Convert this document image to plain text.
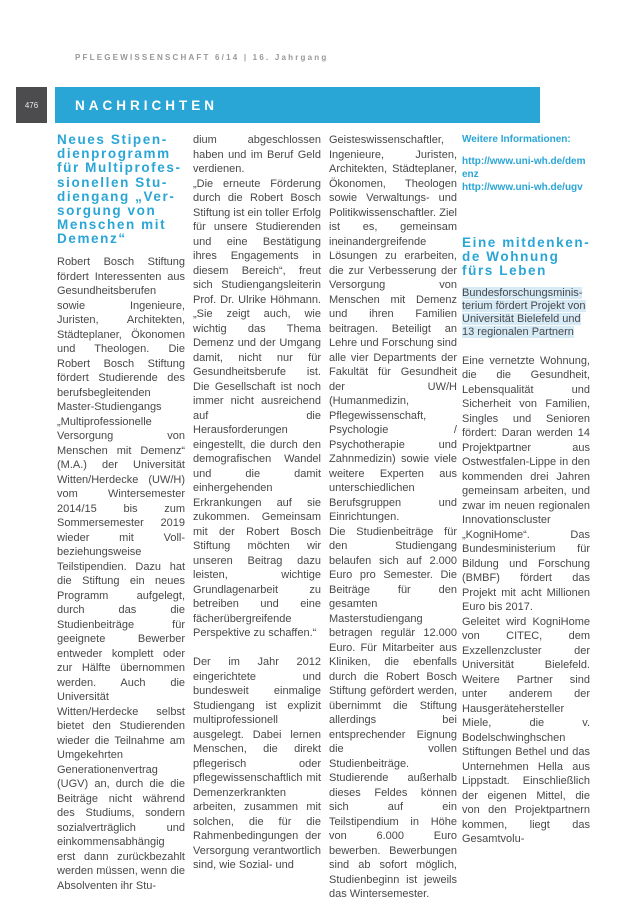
PFLEGEWISSENSCHAFT 6/14 | 16. Jahrgang
476	NACHRICHTEN
Neues Stipendienprogramm für Multiprofessionellen Studiengang „Versorgung von Menschen mit Demenz“

Robert Bosch Stiftung fördert Interessenten aus Gesundheitsberufen sowie Ingenieure, Juristen, Architekten, Städteplaner, Ökonomen und Theologen. Die Robert Bosch Stiftung fördert Studierende des berufsbegleitenden Master-Studiengangs „Multiprofessionelle Versorgung von Menschen mit Demenz“ (M.A.) der Universität Witten/Herdecke (UW/H) vom Wintersemester 2014/15 bis zum Sommersemester 2019 wieder mit Voll- beziehungsweise Teilstipendien. Dazu hat die Stiftung ein neues Programm aufgelegt, durch das die Studienbeiträge für geeignete Bewerber entweder komplett oder zur Hälfte übernommen werden. Auch die Universität Witten/Herdecke selbst bietet den Studierenden wieder die Teilnahme am Umgekehrten Generationenvertrag (UGV) an, durch die die Beiträge nicht während des Studiums, sondern sozialverträglich und einkommensabhängig erst dann zurückbezahlt werden müssen, wenn die Absolventen ihr Stu-

dium abgeschlossen haben und im Beruf Geld verdienen.

„Die erneute Förderung durch die Robert Bosch Stiftung ist ein toller Erfolg für unsere Studierenden und eine Bestätigung ihres Engagements in diesem Bereich“, freut sich Studiengangsleiterin Prof. Dr. Ulrike Höhmann. „Sie zeigt auch, wie wichtig das Thema Demenz und der Umgang damit, nicht nur für Gesundheitsberufe ist. Die Gesellschaft ist noch immer nicht ausreichend auf die Herausforderungen eingestellt, die durch den demografischen Wandel und die damit einhergehenden Erkrankungen auf sie zukommen. Gemeinsam mit der Robert Bosch Stiftung möchten wir unseren Beitrag dazu leisten, wichtige Grundlagenarbeit zu betreiben und eine fächerübergreifende Perspektive zu schaffen.“

Der im Jahr 2012 eingerichtete und bundesweit einmalige Studiengang ist explizit multiprofessionell ausgelegt. Dabei lernen Menschen, die direkt pflegerisch oder pflegewissenschaftlich mit Demenzerkrankten arbeiten, zusammen mit solchen, die für die Rahmenbedingungen der Versorgung verantwortlich sind, wie Sozial- und

Geisteswissenschaftler, Ingenieure, Juristen, Architekten, Städteplaner, Ökonomen, Theologen sowie Verwaltungs- und Politikwissenschaftler. Ziel ist es, gemeinsam ineinandergreifende Lösungen zu erarbeiten, die zur Verbesserung der Versorgung von Menschen mit Demenz und ihren Familien beitragen. Beteiligt an Lehre und Forschung sind alle vier Departments der Fakultät für Gesundheit der UW/H (Humanmedizin, Pflegewissenschaft, Psychologie / Psychotherapie und Zahnmedizin) sowie viele weitere Experten aus unterschiedlichen Berufsgruppen und Einrichtungen.

Die Studienbeiträge für den Studiengang belaufen sich auf 2.000 Euro pro Semester. Die Beiträge für den gesamten Masterstudiengang betragen regulär 12.000 Euro. Für Mitarbeiter aus Kliniken, die ebenfalls durch die Robert Bosch Stiftung gefördert werden, übernimmt die Stiftung allerdings bei entsprechender Eignung die vollen Studienbeiträge. Studierende außerhalb dieses Feldes können sich auf ein Teilstipendium in Höhe von 6.000 Euro bewerben. Bewerbungen sind ab sofort möglich, Studienbeginn ist jeweils das Wintersemester.

Weitere Informationen:
http://www.uni-wh.de/demenz
http://www.uni-wh.de/ugv
Eine mitdenkende Wohnung fürs Leben

Bundesforschungsministerium fördert Projekt von Universität Bielefeld und 13 regionalen Partnern

Eine vernetzte Wohnung, die die Gesundheit, Lebensqualität und Sicherheit von Familien, Singles und Senioren fördert: Daran werden 14 Projektpartner aus Ostwestfalen-Lippe in den kommenden drei Jahren gemeinsam arbeiten, und zwar im neuen regionalen Innovationscluster „KogniHome“. Das Bundesministerium für Bildung und Forschung (BMBF) fördert das Projekt mit acht Millionen Euro bis 2017.

Geleitet wird KogniHome von CITEC, dem Exzellenzcluster der Universität Bielefeld. Weitere Partner sind unter anderem der Hausgerätehersteller Miele, die v. Bodelschwinghschen Stiftungen Bethel und das Unternehmen Hella aus Lippstadt. Einschließlich der eigenen Mittel, die von den Projektpartnern kommen, liegt das Gesamtvolu-
